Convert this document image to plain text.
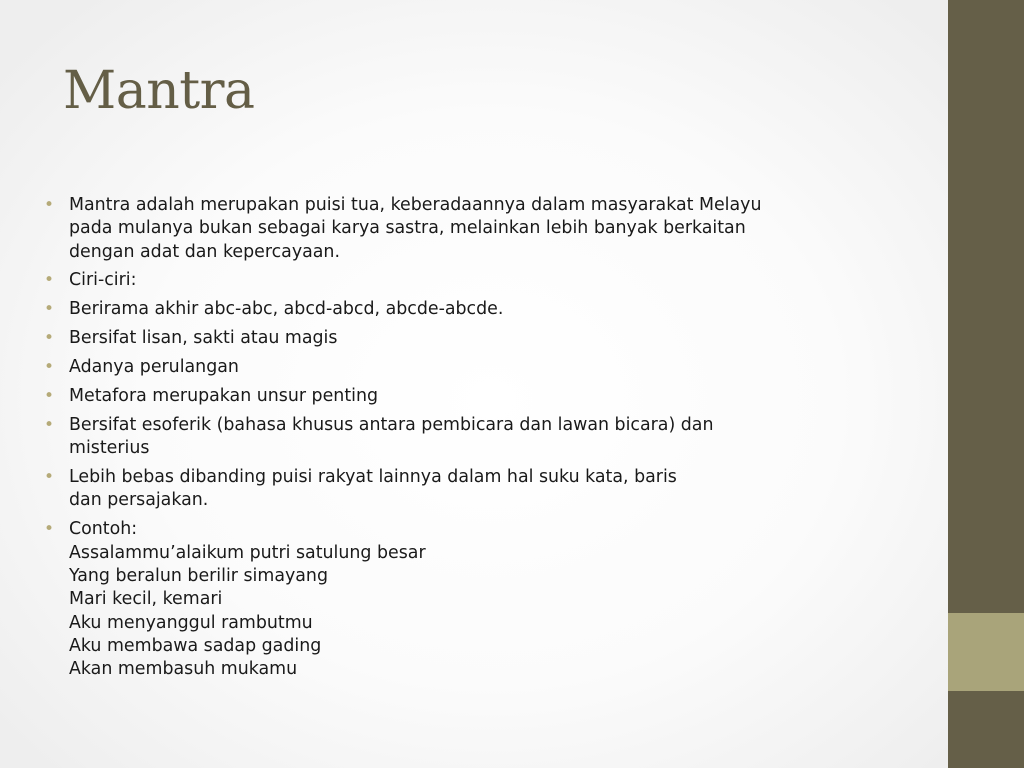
Mantra
• Mantra adalah merupakan puisi tua, keberadaannya dalam masyarakat Melayu
pada mulanya bukan sebagai karya sastra, melainkan lebih banyak berkaitan
dengan adat dan kepercayaan.
• Ciri-ciri:
• Berirama akhir abc-abc, abcd-abcd, abcde-abcde.
• Bersifat lisan, sakti atau magis
• Adanya perulangan
• Metafora merupakan unsur penting
• Bersifat esoferik (bahasa khusus antara pembicara dan lawan bicara) dan
misterius
• Lebih bebas dibanding puisi rakyat lainnya dalam hal suku kata, baris
dan persajakan.
• Contoh:
Assalammu’alaikum putri satulung besar
Yang beralun berilir simayang
Mari kecil, kemari
Aku menyanggul rambutmu
Aku membawa sadap gading
Akan membasuh mukamu
